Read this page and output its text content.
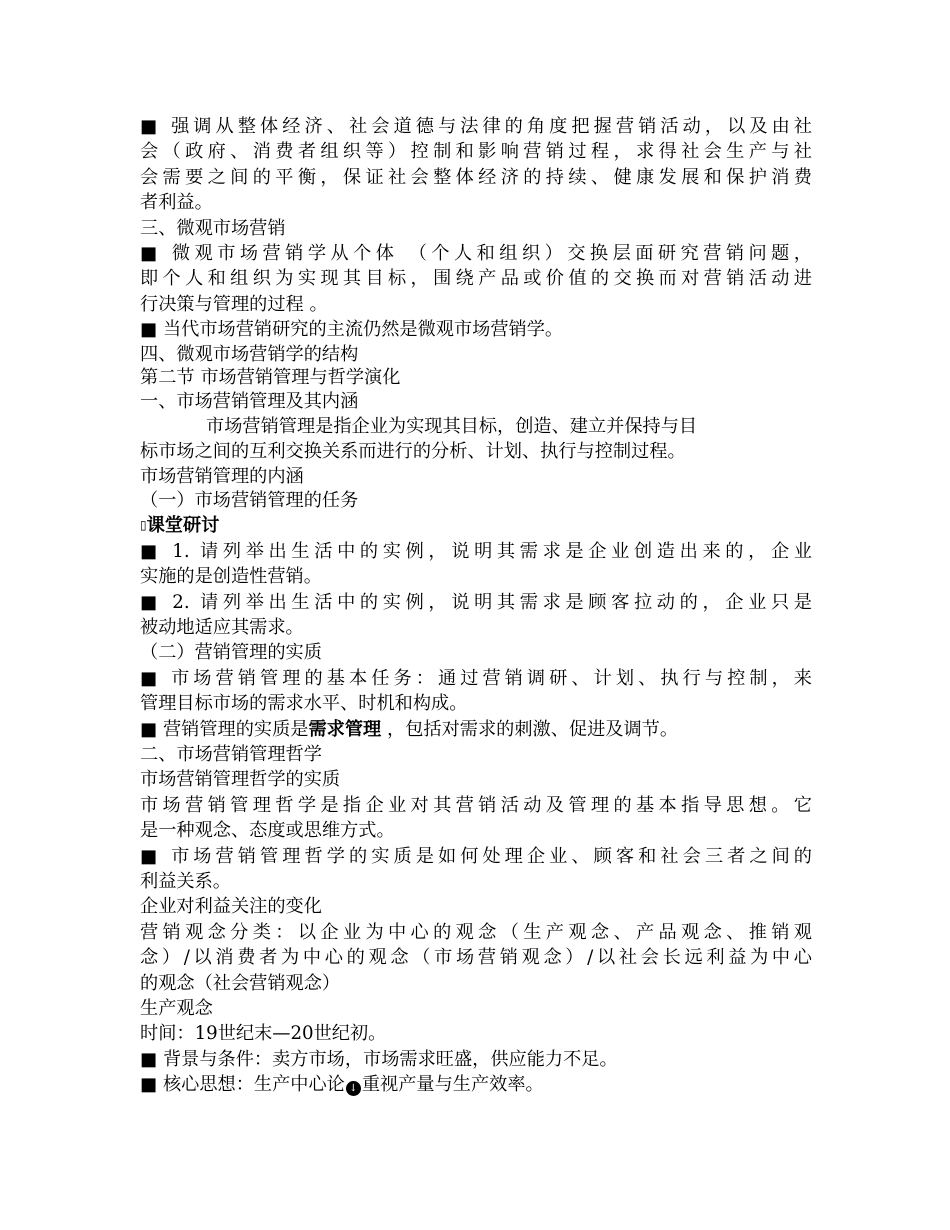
■ 强调从整体经济、社会道德与法律的角度把握营销活动，以及由社
会（政府、消费者组织等）控制和影响营销过程，求得社会生产与社
会需要之间的平衡，保证社会整体经济的持续、健康发展和保护消费
者利益。
三、微观市场营销
■ 微观市场营销学从个体 （个人和组织）交换层面研究营销问题，
即个人和组织为实现其目标，围绕产品或价值的交换而对营销活动进
行决策与管理的过程 。
■ 当代市场营销研究的主流仍然是微观市场营销学。
四、微观市场营销学的结构
第二节 市场营销管理与哲学演化
一、市场营销管理及其内涵
市场营销管理是指企业为实现其目标，创造、建立并保持与目
标市场之间的互利交换关系而进行的分析、计划、执行与控制过程。
市场营销管理的内涵
（一）市场营销管理的任务
▯课堂研讨
■ 1. 请列举出生活中的实例，说明其需求是企业创造出来的，企业
实施的是创造性营销。
■ 2. 请列举出生活中的实例，说明其需求是顾客拉动的，企业只是
被动地适应其需求。
（二）营销管理的实质
■ 市场营销管理的基本任务：通过营销调研、计划、执行与控制，来
管理目标市场的需求水平、时机和构成。
■ 营销管理的实质是需求管理 ，包括对需求的刺激、促进及调节。
二、市场营销管理哲学
市场营销管理哲学的实质
市场营销管理哲学是指企业对其营销活动及管理的基本指导思想。它
是一种观念、态度或思维方式。
■ 市场营销管理哲学的实质是如何处理企业、顾客和社会三者之间的
利益关系。
企业对利益关注的变化
营销观念分类：以企业为中心的观念（生产观念、产品观念、推销观
念）/以消费者为中心的观念（市场营销观念）/以社会长远利益为中心
的观念（社会营销观念）
生产观念
时间：19世纪末—20世纪初。
■ 背景与条件：卖方市场，市场需求旺盛，供应能力不足。
■ 核心思想：生产中心论 ↓ 重视产量与生产效率。
